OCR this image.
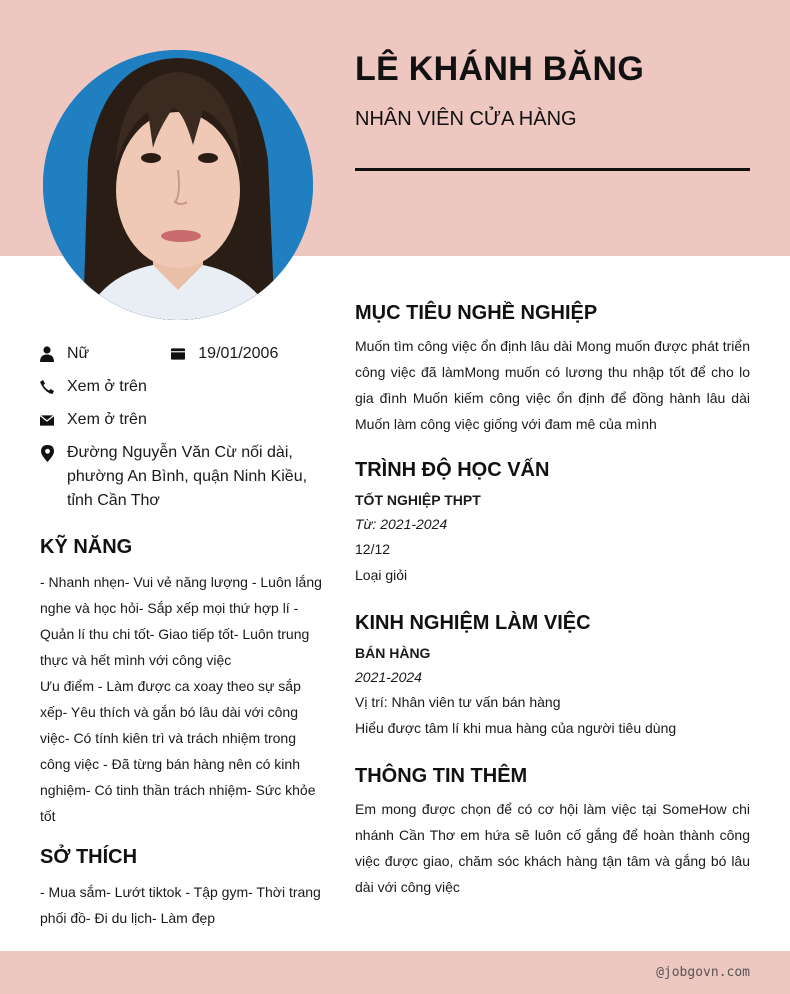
@jobgovn.com
LÊ KHÁNH BĂNG
NHÂN VIÊN CỬA HÀNG
Nữ	19/01/2006
Xem ở trên
Xem ở trên
Đường Nguyễn Văn Cừ nối dài, phường An Bình, quận Ninh Kiều, tỉnh Cần Thơ
KỸ NĂNG

- Nhanh nhẹn- Vui vẻ năng lượng - Luôn lắng nghe và học hỏi- Sắp xếp mọi thứ hợp lí - Quản lí thu chi tốt- Giao tiếp tốt- Luôn trung thực và hết mình với công việc

Ưu điểm - Làm được ca xoay theo sự sắp xếp- Yêu thích và gắn bó lâu dài với công việc- Có tính kiên trì và trách nhiệm trong công việc - Đã từng bán hàng nên có kinh nghiệm- Có tinh thần trách nhiệm- Sức khỏe tốt

SỞ THÍCH

- Mua sắm- Lướt tiktok - Tập gym- Thời trang phối đồ- Đi du lịch- Làm đẹp

MỤC TIÊU NGHỀ NGHIỆP

Muốn tìm công việc ổn định lâu dài Mong muốn được phát triển công việc đã làmMong muốn có lương thu nhập tốt để cho lo gia đình Muốn kiếm công việc ổn định để đồng hành lâu dài Muốn làm công việc giống với đam mê của mình

TRÌNH ĐỘ HỌC VẤN

TỐT NGHIỆP THPT

Từ: 2021-2024

12/12

Loại giỏi

KINH NGHIỆM LÀM VIỆC

BÁN HÀNG

2021-2024

Vị trí: Nhân viên tư vấn bán hàng

Hiểu được tâm lí khi mua hàng của người tiêu dùng

THÔNG TIN THÊM

Em mong được chọn để có cơ hội làm việc tại SomeHow chi nhánh Cần Thơ em hứa sẽ luôn cố gắng để hoàn thành công việc được giao, chăm sóc khách hàng tận tâm và gắng bó lâu dài với công việc
